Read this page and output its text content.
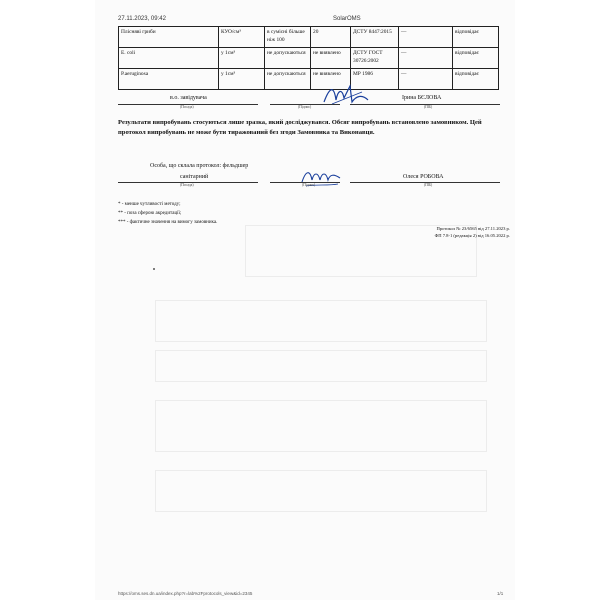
27.11.2023, 09:42	SolarOMS
Плісняві гриби	КУО/см³	в сумісні більше ніж 100	20	ДСТУ 8447:2015	—	відповідає
E. coli	у 1см³	не допускаються	не виявлено	ДСТУ ГОСТ 30726:2002	—	відповідає
P.aeruginosa	у 1см³	не допускаються	не виявлено	МР 1986	—	відповідає
в.о. завідувача
(Посада)	(Підпис)
Ірина БЄЛОВА
(ПІБ)
Результати випробувань стосуються лише зразка, який досліджувався. Обсяг випробувань встановлено замовником. Цей протокол випробувань не може бути тиражований без згоди Замовника та Виконавця.
Особа, що склала протокол: фельдшер
санітарний
(Посада)	(Підпис)
Олеся РОБОВА
(ПІБ)
* - менше чутливості методу;
** - поза сферою акредитації;
*** - фактичне значення на вимогу замовника.
Протокол № 23/6565 від 27.11.2023 р.
ФП 7.8-1 (редакція 2) від 16.05.2022 р.
https://oms.ses.dn.ua/index.php?r=lab%2Fprotocols_view&id=2345	1/1
